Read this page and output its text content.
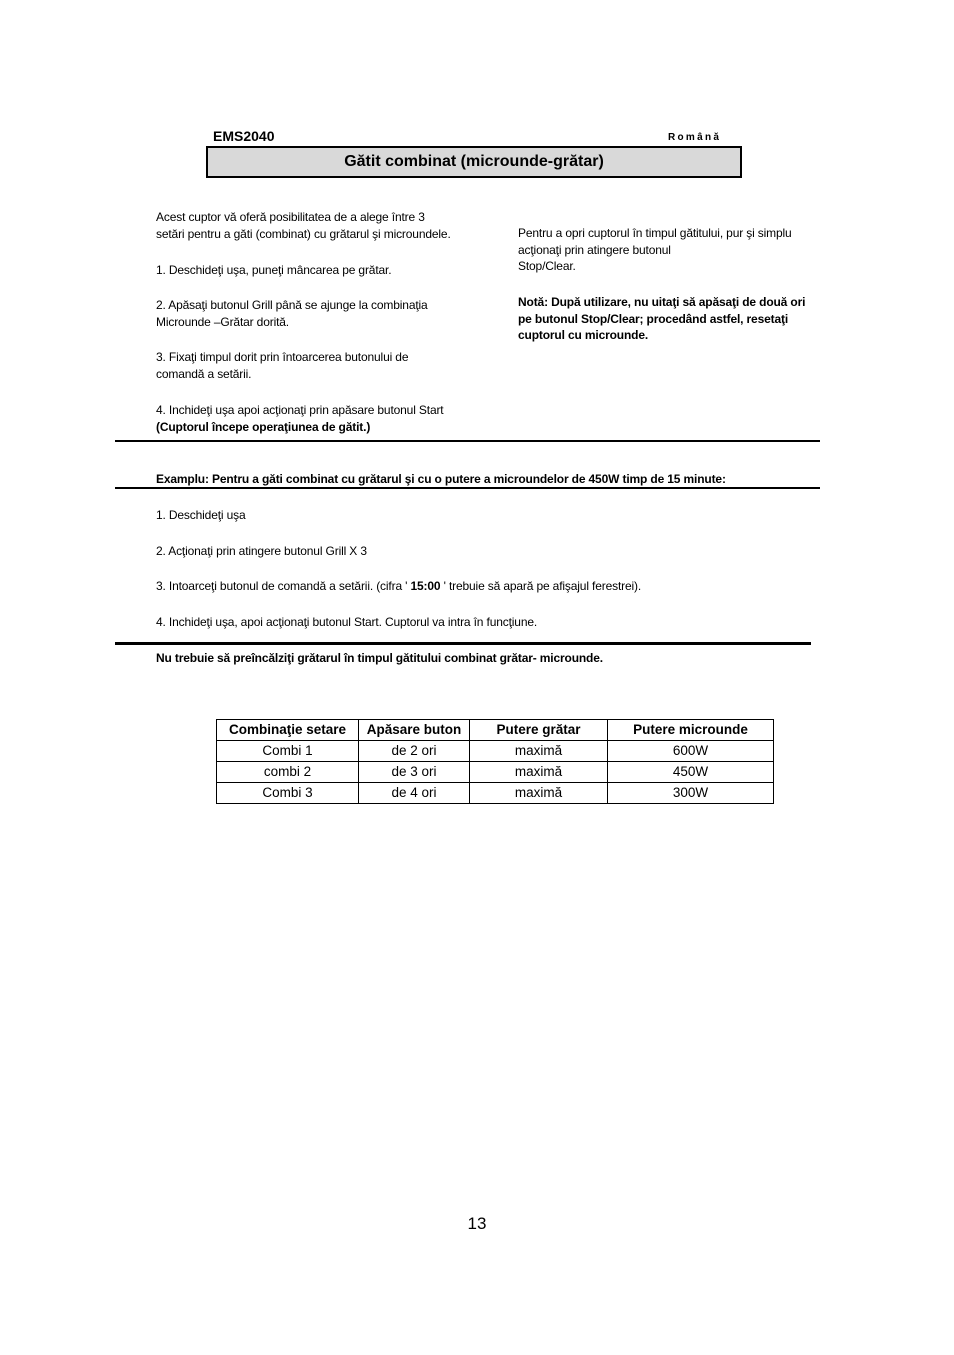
EMS2040	Română
Gătit combinat (microunde-grătar)
Acest cuptor vă oferă posibilitatea de a alege între 3
setări pentru a găti (combinat) cu grătarul şi microundele.
1. Deschideţi uşa, puneţi mâncarea pe grătar.
2. Apăsaţi butonul Grill până se ajunge la combinaţia
Microunde –Grătar dorită.
3. Fixaţi timpul dorit prin întoarcerea butonului de
comandă a setării.
4. Inchideţi uşa apoi acţionaţi prin apăsare butonul Start
(Cuptorul începe operaţiunea de gătit.)
Pentru a opri cuptorul în timpul gătitului, pur şi simplu
acţionaţi prin atingere butonul
Stop/Clear.
Notă: După utilizare, nu uitaţi să apăsaţi de două ori
pe butonul Stop/Clear; procedând astfel, resetaţi
cuptorul cu microunde.
Examplu: Pentru a găti combinat cu grătarul şi cu o putere a microundelor de 450W timp de 15 minute:
1. Deschideţi uşa
2. Acţionaţi prin atingere butonul Grill X 3
3. Intoarceţi butonul de comandă a setării. (cifra ' 15:00 ' trebuie să apară pe afişajul ferestrei).
4. Inchideţi uşa, apoi acţionaţi butonul Start. Cuptorul va intra în funcţiune.
Nu trebuie să preîncălziţi grătarul în timpul gătitului combinat grătar- microunde.
Combinaţie setare	Apăsare buton	Putere grătar	Putere microunde
Combi 1	de 2 ori	maximă	600W
combi 2	de 3 ori	maximă	450W
Combi 3	de 4 ori	maximă	300W
13
